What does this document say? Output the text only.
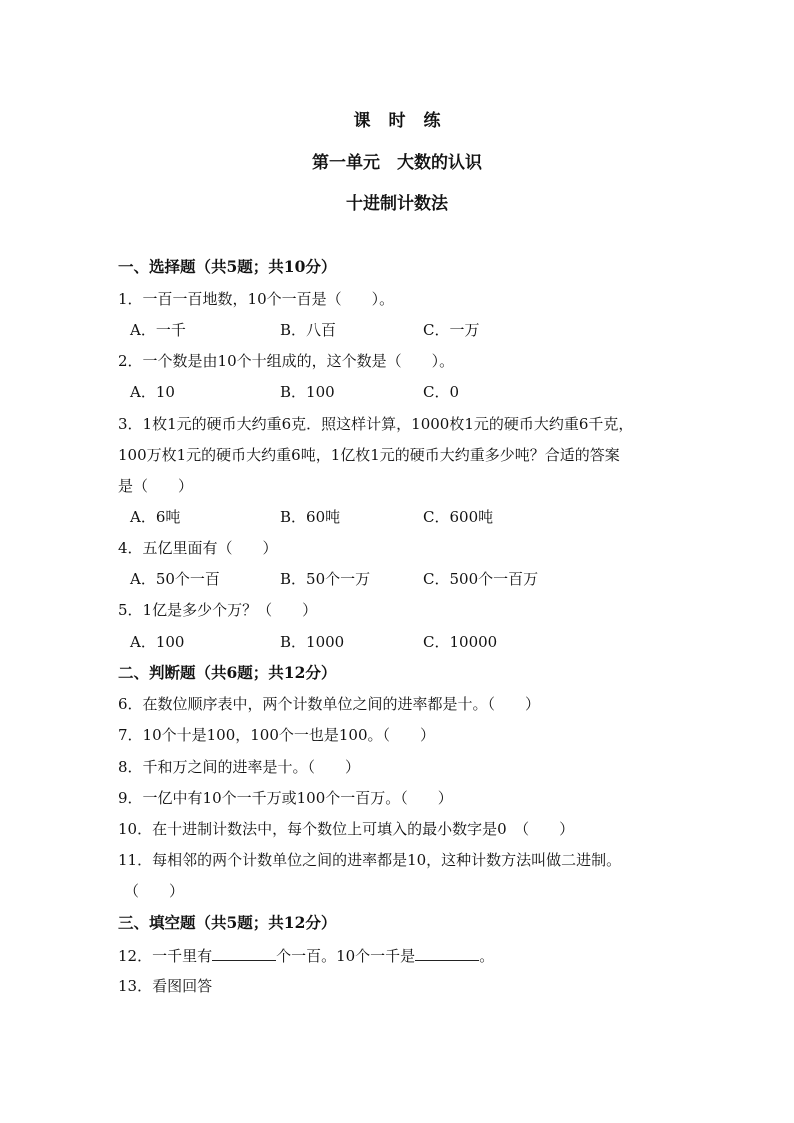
课 时 练
第一单元　大数的认识
十进制计数法
一、选择题（共5题；共10分）
1．一百一百地数，10个一百是（　　）。
A．一千	B．八百	C．一万
2．一个数是由10个十组成的，这个数是（　　）。
A．10	B．100	C．0
3．1枚1元的硬币大约重6克．照这样计算，1000枚1元的硬币大约重6千克，
100万枚1元的硬币大约重6吨，1亿枚1元的硬币大约重多少吨？合适的答案
是（　　）
A．6吨	B．60吨	C．600吨
4．五亿里面有（　　）
A．50个一百	B．50个一万	C．500个一百万
5．1亿是多少个万？（　　）
A．100	B．1000	C．10000
二、判断题（共6题；共12分）
6．在数位顺序表中，两个计数单位之间的进率都是十。（　　）
7．10个十是100，100个一也是100。（　　）
8．千和万之间的进率是十。（　　）
9．一亿中有10个一千万或100个一百万。（　　）
10．在十进制计数法中，每个数位上可填入的最小数字是0　（　　）
11．每相邻的两个计数单位之间的进率都是10，这种计数方法叫做二进制。
（　　）
三、填空题（共5题；共12分）
12．一千里有	个一百。10个一千是	。
13．看图回答
